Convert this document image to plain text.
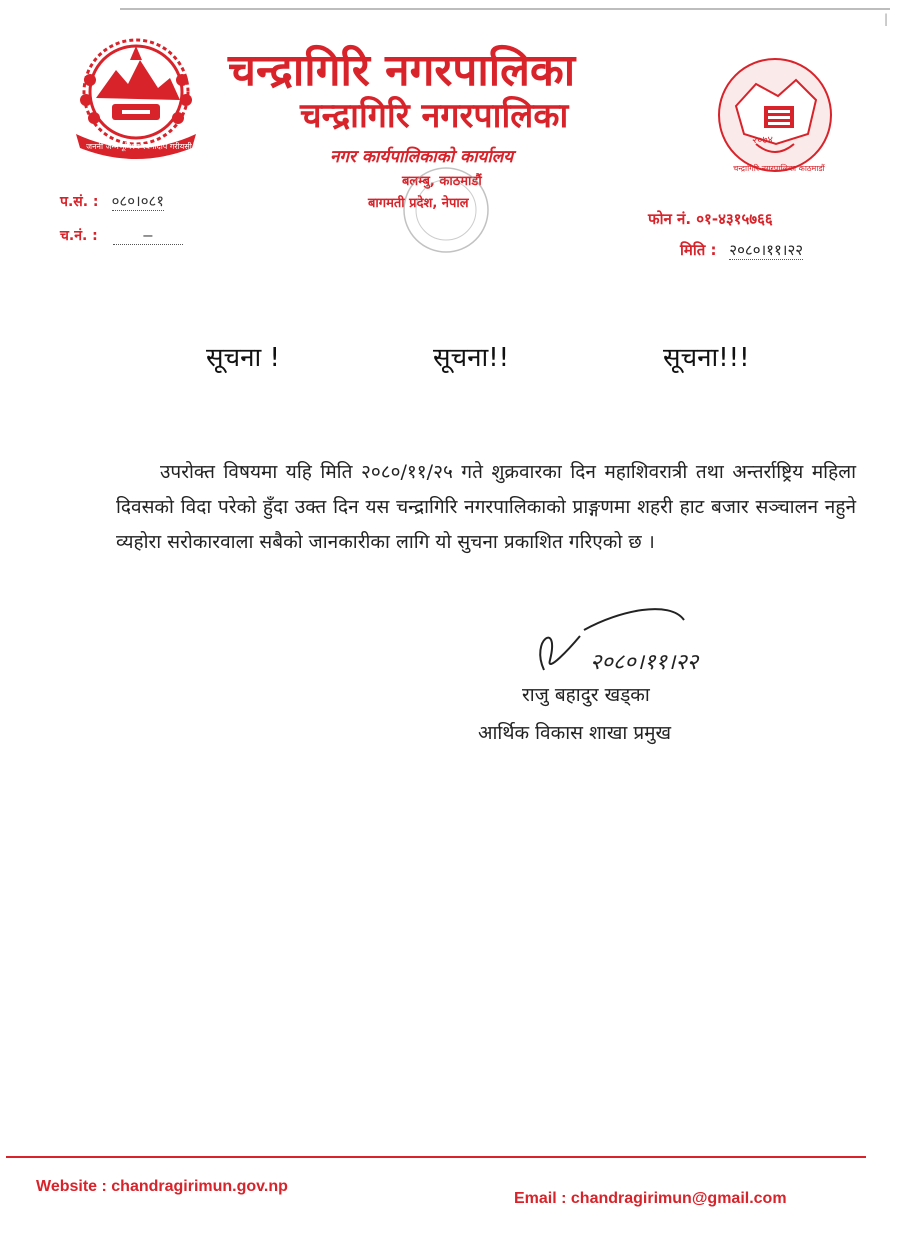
|
जननी जन्मभूमिश्च स्वर्गादपि गरीयसी
चन्द्रागिरि नगरपालिका
चन्द्रागिरि नगरपालिका
नगर कार्यपालिकाको कार्यालय
बलम्बु, काठमाडौं
बागमती प्रदेश, नेपाल
२०७४
चन्द्रागिरि नगरपालिका काठमाडौं
प.सं. : ०८०।०८१
च.नं. :	—
फोन नं. ०१-४३१५७६६
मिति : २०८०।११।२२
सूचना !	सूचना!!	सूचना!!!
उपरोक्त विषयमा यहि मिति २०८०/११/२५ गते शुक्रवारका दिन महाशिवरात्री तथा अन्तर्राष्ट्रिय महिला दिवसको विदा परेको हुँदा उक्त दिन यस चन्द्रागिरि नगरपालिकाको प्राङ्गणमा शहरी हाट बजार सञ्चालन नहुने व्यहोरा सरोकारवाला सबैको जानकारीका लागि यो सुचना प्रकाशित गरिएको छ ।
२०८०।११।२२
राजु बहादुर खड्का
आर्थिक विकास शाखा प्रमुख
Website : chandragirimun.gov.np
Email : chandragirimun@gmail.com
